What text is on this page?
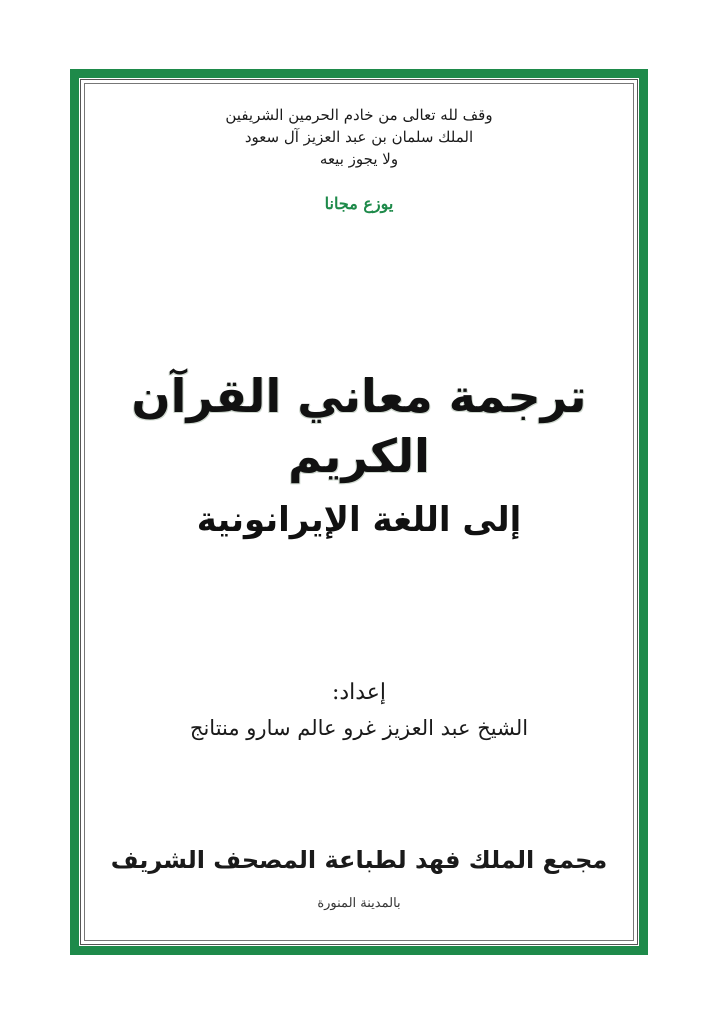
وقف لله تعالى من خادم الحرمين الشريفين
الملك سلمان بن عبد العزيز آل سعود
ولا يجوز بيعه
يوزع مجانا
ترجمة معاني القرآن الكريم
إلى اللغة الإيرانونية
إعداد:
الشيخ عبد العزيز غرو عالم سارو منتانج
مجمع الملك فهد لطباعة المصحف الشريف
بالمدينة المنورة
